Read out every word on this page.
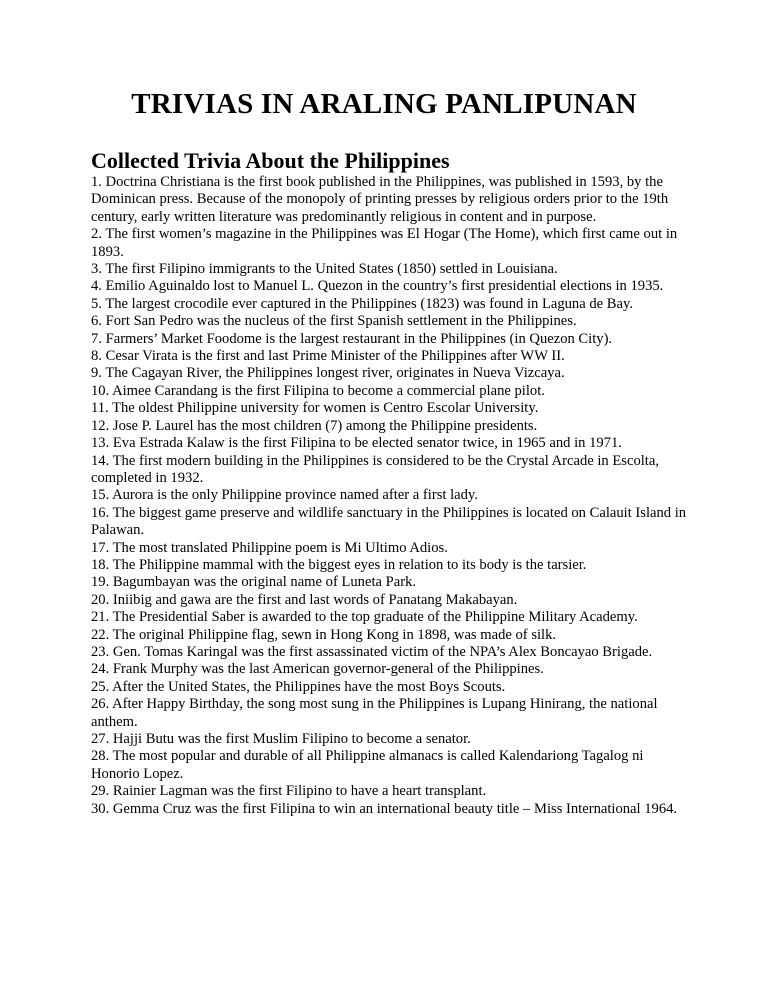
TRIVIAS IN ARALING PANLIPUNAN
Collected Trivia About the Philippines
1. Doctrina Christiana is the first book published in the Philippines, was published in 1593, by the Dominican press. Because of the monopoly of printing presses by religious orders prior to the 19th century, early written literature was predominantly religious in content and in purpose.
2. The first women’s magazine in the Philippines was El Hogar (The Home), which first came out in 1893.
3. The first Filipino immigrants to the United States (1850) settled in Louisiana.
4. Emilio Aguinaldo lost to Manuel L. Quezon in the country’s first presidential elections in 1935.
5. The largest crocodile ever captured in the Philippines (1823) was found in Laguna de Bay.
6. Fort San Pedro was the nucleus of the first Spanish settlement in the Philippines.
7. Farmers’ Market Foodome is the largest restaurant in the Philippines (in Quezon City).
8. Cesar Virata is the first and last Prime Minister of the Philippines after WW II.
9. The Cagayan River, the Philippines longest river, originates in Nueva Vizcaya.
10. Aimee Carandang is the first Filipina to become a commercial plane pilot.
11. The oldest Philippine university for women is Centro Escolar University.
12. Jose P. Laurel has the most children (7) among the Philippine presidents.
13. Eva Estrada Kalaw is the first Filipina to be elected senator twice, in 1965 and in 1971.
14. The first modern building in the Philippines is considered to be the Crystal Arcade in Escolta, completed in 1932.
15. Aurora is the only Philippine province named after a first lady.
16. The biggest game preserve and wildlife sanctuary in the Philippines is located on Calauit Island in Palawan.
17. The most translated Philippine poem is Mi Ultimo Adios.
18. The Philippine mammal with the biggest eyes in relation to its body is the tarsier.
19. Bagumbayan was the original name of Luneta Park.
20. Iniibig and gawa are the first and last words of Panatang Makabayan.
21. The Presidential Saber is awarded to the top graduate of the Philippine Military Academy.
22. The original Philippine flag, sewn in Hong Kong in 1898, was made of silk.
23. Gen. Tomas Karingal was the first assassinated victim of the NPA’s Alex Boncayao Brigade.
24. Frank Murphy was the last American governor-general of the Philippines.
25. After the United States, the Philippines have the most Boys Scouts.
26. After Happy Birthday, the song most sung in the Philippines is Lupang Hinirang, the national anthem.
27. Hajji Butu was the first Muslim Filipino to become a senator.
28. The most popular and durable of all Philippine almanacs is called Kalendariong Tagalog ni Honorio Lopez.
29. Rainier Lagman was the first Filipino to have a heart transplant.
30. Gemma Cruz was the first Filipina to win an international beauty title – Miss International 1964.
